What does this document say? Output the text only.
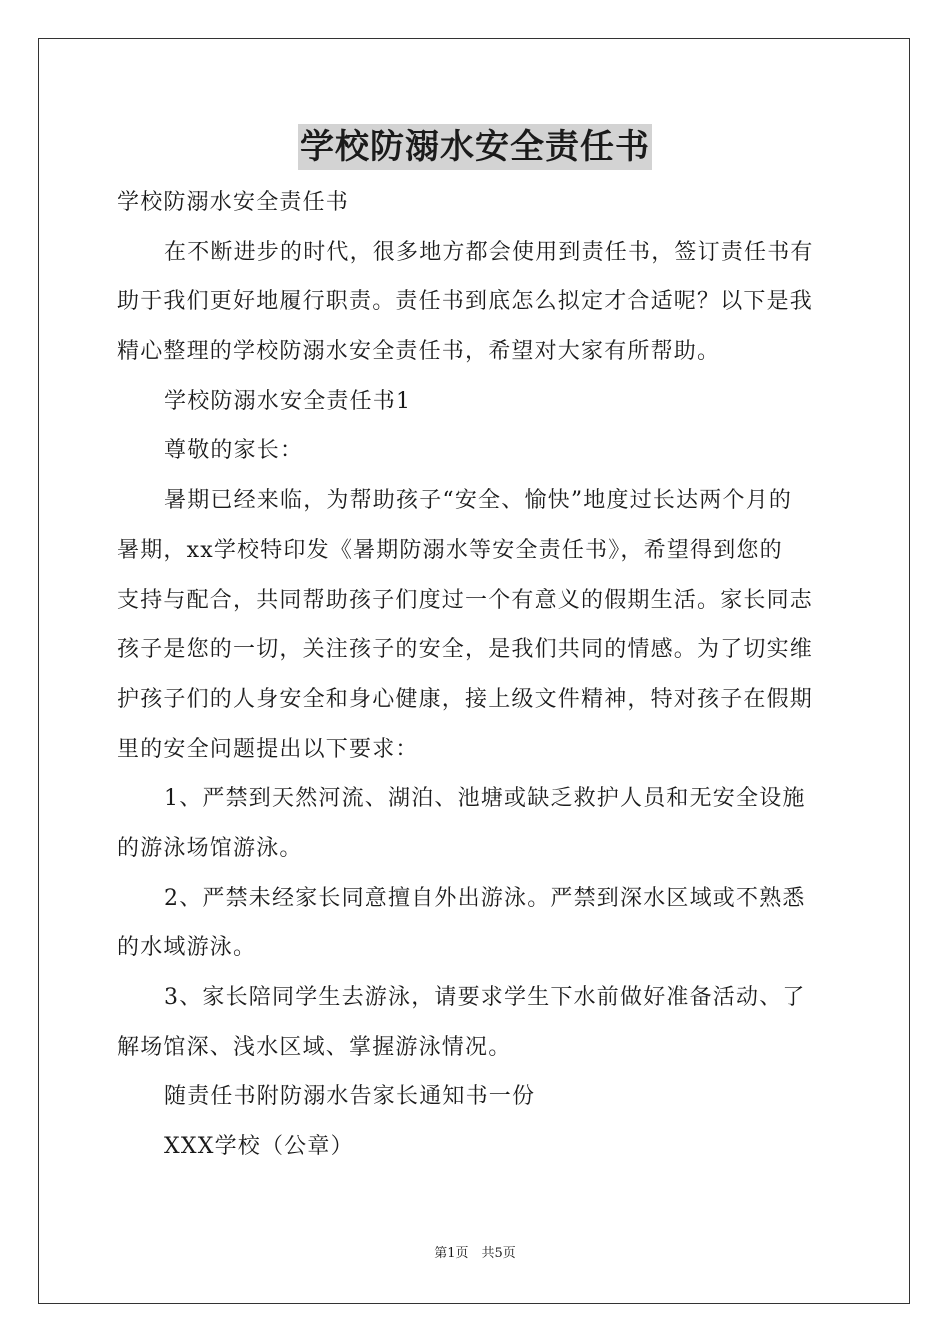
学校防溺水安全责任书
学校防溺水安全责任书
在不断进步的时代，很多地方都会使用到责任书，签订责任书有
助于我们更好地履行职责。责任书到底怎么拟定才合适呢？以下是我
精心整理的学校防溺水安全责任书，希望对大家有所帮助。
学校防溺水安全责任书1
尊敬的家长：
暑期已经来临，为帮助孩子“安全、愉快”地度过长达两个月的
暑期，xx学校特印发《暑期防溺水等安全责任书》，希望得到您的
支持与配合，共同帮助孩子们度过一个有意义的假期生活。家长同志
孩子是您的一切，关注孩子的安全，是我们共同的情感。为了切实维
护孩子们的人身安全和身心健康，接上级文件精神，特对孩子在假期
里的安全问题提出以下要求：
1、严禁到天然河流、湖泊、池塘或缺乏救护人员和无安全设施
的游泳场馆游泳。
2、严禁未经家长同意擅自外出游泳。严禁到深水区域或不熟悉
的水域游泳。
3、家长陪同学生去游泳，请要求学生下水前做好准备活动、了
解场馆深、浅水区域、掌握游泳情况。
随责任书附防溺水告家长通知书一份
XXX学校（公章）
第1页　共5页
